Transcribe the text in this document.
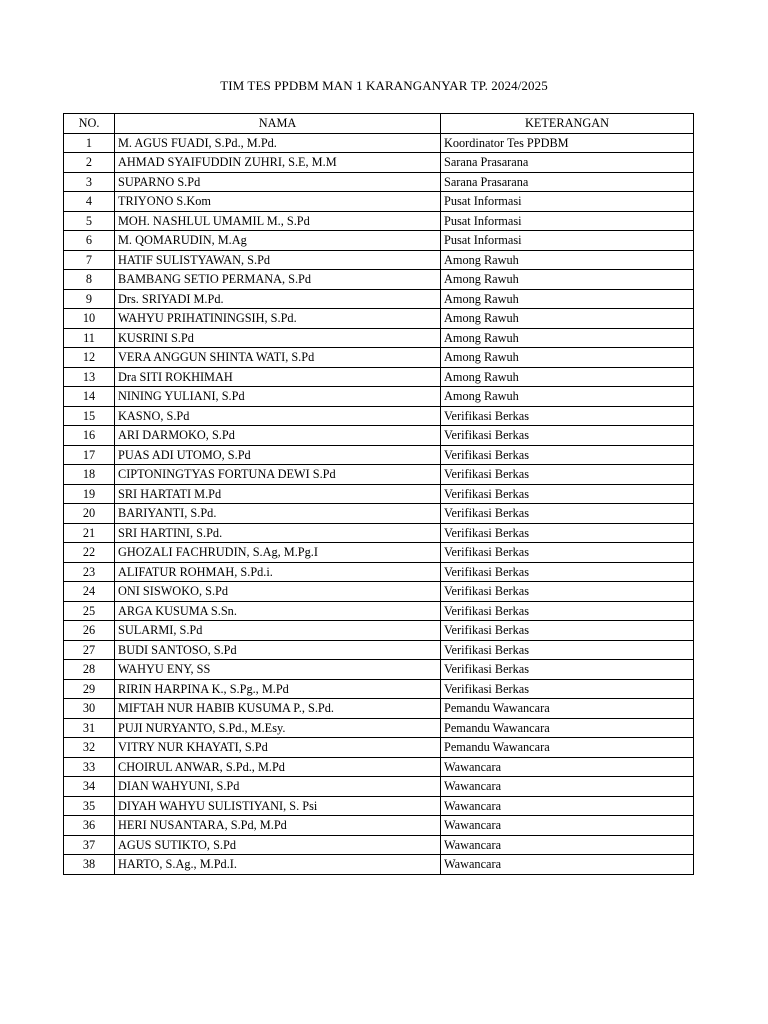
TIM TES PPDBM MAN 1 KARANGANYAR TP. 2024/2025
NO.	NAMA	KETERANGAN
1	M. AGUS FUADI, S.Pd., M.Pd.	Koordinator Tes PPDBM
2	AHMAD SYAIFUDDIN ZUHRI, S.E, M.M	Sarana Prasarana
3	SUPARNO S.Pd	Sarana Prasarana
4	TRIYONO S.Kom	Pusat Informasi
5	MOH. NASHLUL UMAMIL M., S.Pd	Pusat Informasi
6	M. QOMARUDIN, M.Ag	Pusat Informasi
7	HATIF SULISTYAWAN, S.Pd	Among Rawuh
8	BAMBANG SETIO PERMANA, S.Pd	Among Rawuh
9	Drs. SRIYADI M.Pd.	Among Rawuh
10	WAHYU PRIHATININGSIH, S.Pd.	Among Rawuh
11	KUSRINI S.Pd	Among Rawuh
12	VERA ANGGUN SHINTA WATI, S.Pd	Among Rawuh
13	Dra SITI ROKHIMAH	Among Rawuh
14	NINING YULIANI, S.Pd	Among Rawuh
15	KASNO, S.Pd	Verifikasi Berkas
16	ARI DARMOKO, S.Pd	Verifikasi Berkas
17	PUAS ADI UTOMO, S.Pd	Verifikasi Berkas
18	CIPTONINGTYAS FORTUNA DEWI S.Pd	Verifikasi Berkas
19	SRI HARTATI M.Pd	Verifikasi Berkas
20	BARIYANTI, S.Pd.	Verifikasi Berkas
21	SRI HARTINI, S.Pd.	Verifikasi Berkas
22	GHOZALI FACHRUDIN, S.Ag, M.Pg.I	Verifikasi Berkas
23	ALIFATUR ROHMAH, S.Pd.i.	Verifikasi Berkas
24	ONI SISWOKO, S.Pd	Verifikasi Berkas
25	ARGA KUSUMA S.Sn.	Verifikasi Berkas
26	SULARMI, S.Pd	Verifikasi Berkas
27	BUDI SANTOSO, S.Pd	Verifikasi Berkas
28	WAHYU ENY, SS	Verifikasi Berkas
29	RIRIN HARPINA K., S.Pg., M.Pd	Verifikasi Berkas
30	MIFTAH NUR HABIB KUSUMA P., S.Pd.	Pemandu Wawancara
31	PUJI NURYANTO, S.Pd., M.Esy.	Pemandu Wawancara
32	VITRY NUR KHAYATI, S.Pd	Pemandu Wawancara
33	CHOIRUL ANWAR, S.Pd., M.Pd	Wawancara
34	DIAN WAHYUNI, S.Pd	Wawancara
35	DIYAH WAHYU SULISTIYANI, S. Psi	Wawancara
36	HERI NUSANTARA, S.Pd, M.Pd	Wawancara
37	AGUS SUTIKTO, S.Pd	Wawancara
38	HARTO, S.Ag., M.Pd.I.	Wawancara
